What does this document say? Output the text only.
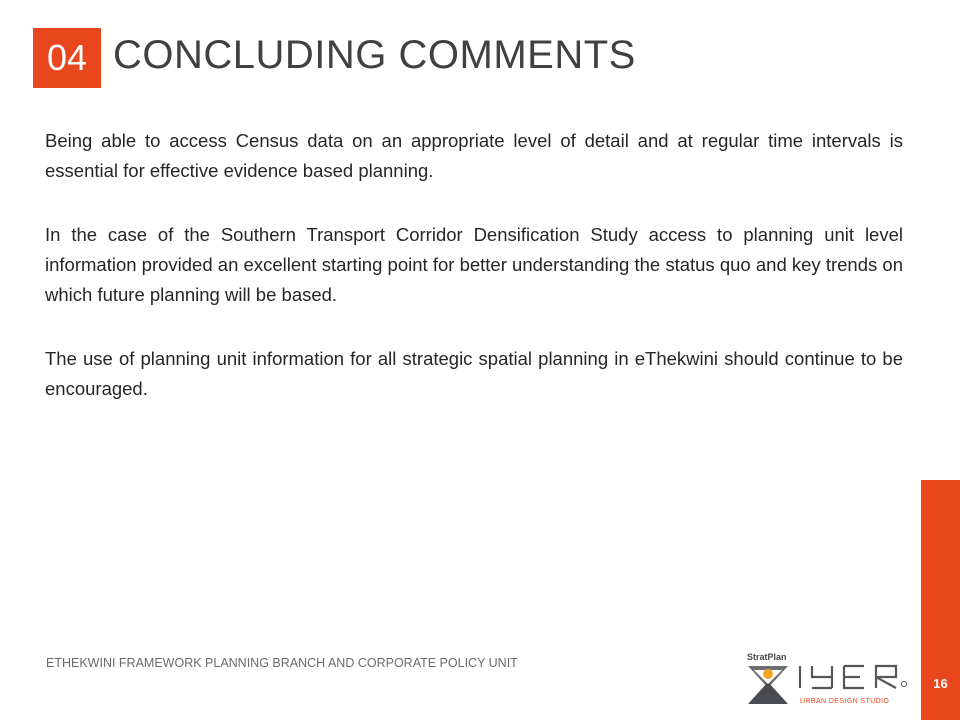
04 CONCLUDING COMMENTS

Being able to access Census data on an appropriate level of detail and at regular time intervals is essential for effective evidence based planning.

In the case of the Southern Transport Corridor Densification Study access to planning unit level information provided an excellent starting point for better understanding the status quo and key trends on which future planning will be based.

The use of planning unit information for all strategic spatial planning in eThekwini should continue to be encouraged.

ETHEKWINI FRAMEWORK PLANNING BRANCH AND CORPORATE POLICY UNIT	StratPlan
URBAN DESIGN STUDIO
16
